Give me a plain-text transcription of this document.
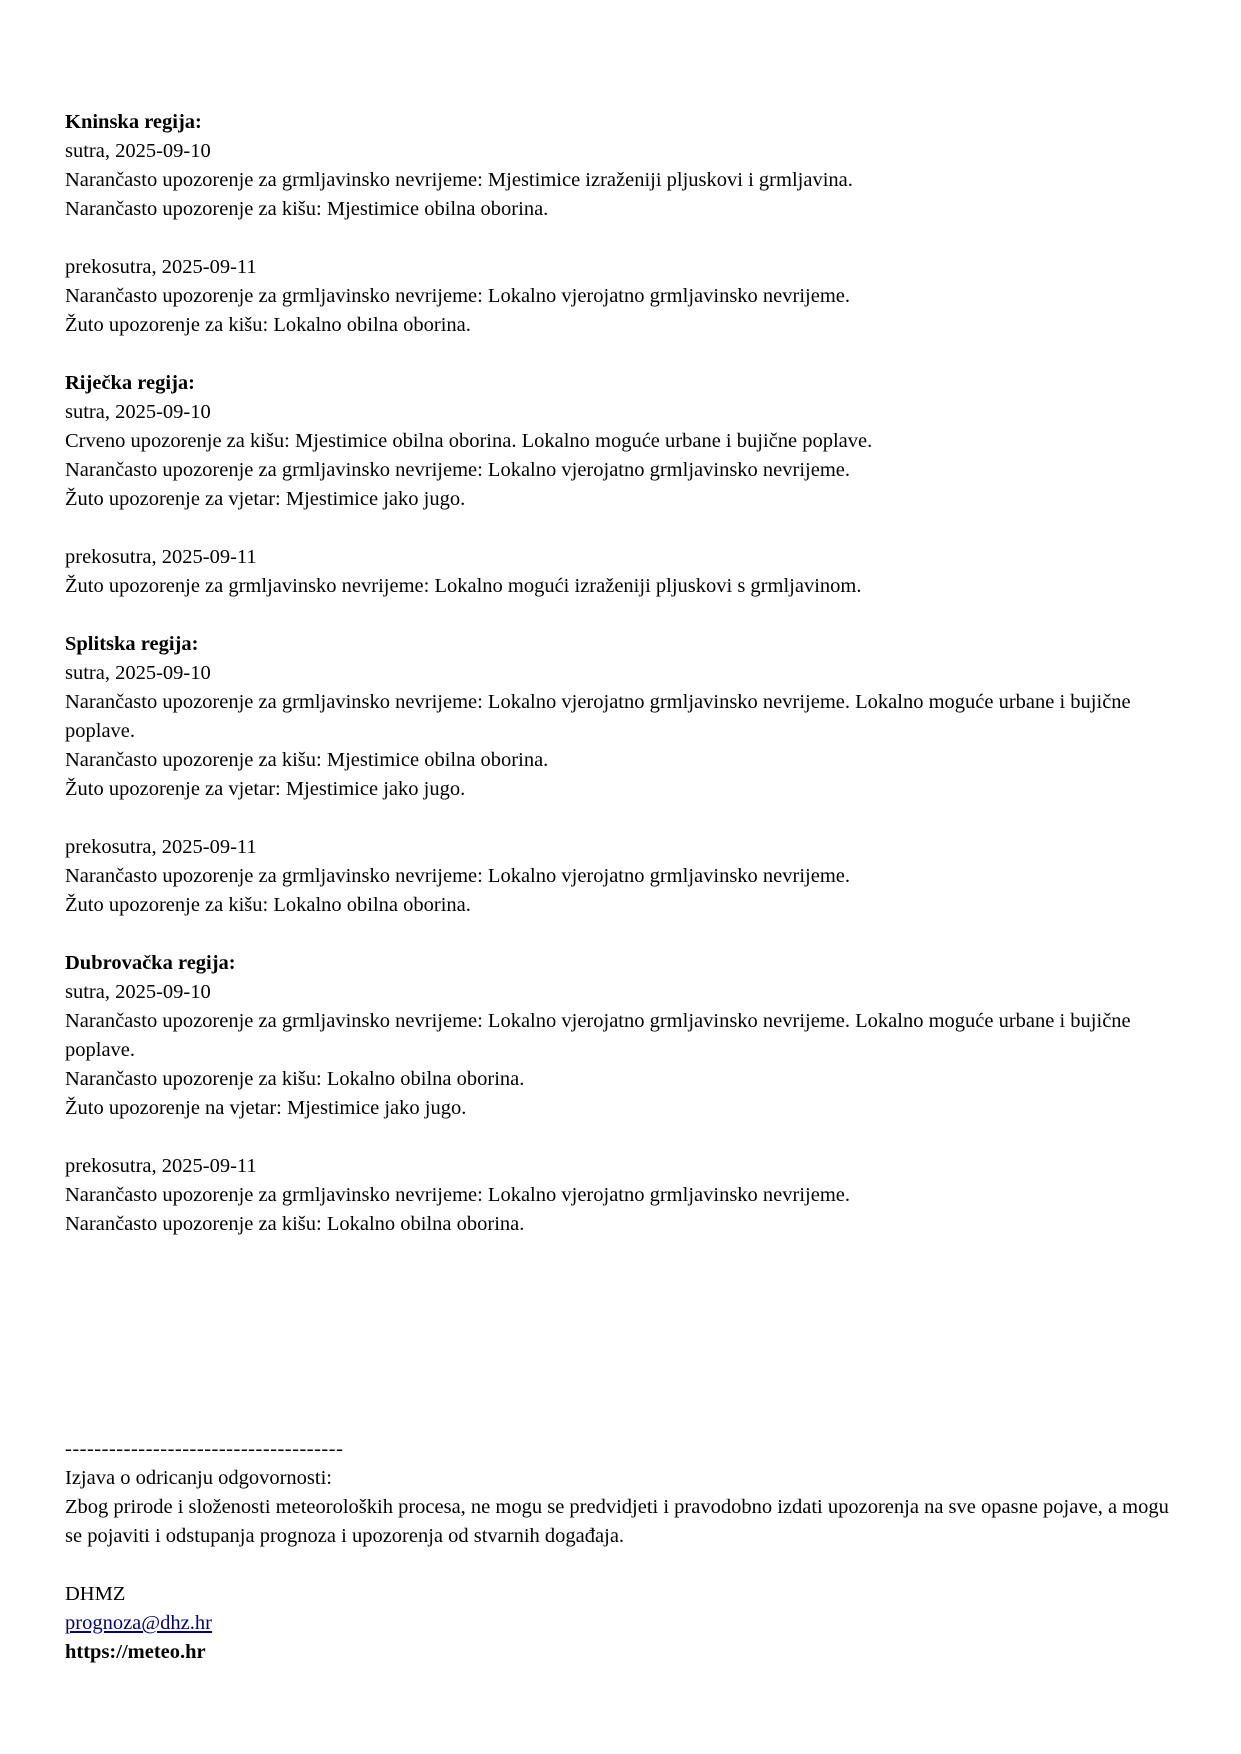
Kninska regija:
sutra, 2025-09-10
Narančasto upozorenje za grmljavinsko nevrijeme: Mjestimice izraženiji pljuskovi i grmljavina.
Narančasto upozorenje za kišu: Mjestimice obilna oborina.
prekosutra, 2025-09-11
Narančasto upozorenje za grmljavinsko nevrijeme: Lokalno vjerojatno grmljavinsko nevrijeme.
Žuto upozorenje za kišu: Lokalno obilna oborina.
Riječka regija:
sutra, 2025-09-10
Crveno upozorenje za kišu: Mjestimice obilna oborina. Lokalno moguće urbane i bujične poplave.
Narančasto upozorenje za grmljavinsko nevrijeme: Lokalno vjerojatno grmljavinsko nevrijeme.
Žuto upozorenje za vjetar: Mjestimice jako jugo.
prekosutra, 2025-09-11
Žuto upozorenje za grmljavinsko nevrijeme: Lokalno mogući izraženiji pljuskovi s grmljavinom.
Splitska regija:
sutra, 2025-09-10
Narančasto upozorenje za grmljavinsko nevrijeme: Lokalno vjerojatno grmljavinsko nevrijeme. Lokalno moguće urbane i bujične poplave.
Narančasto upozorenje za kišu: Mjestimice obilna oborina.
Žuto upozorenje za vjetar: Mjestimice jako jugo.
prekosutra, 2025-09-11
Narančasto upozorenje za grmljavinsko nevrijeme: Lokalno vjerojatno grmljavinsko nevrijeme.
Žuto upozorenje za kišu: Lokalno obilna oborina.
Dubrovačka regija:
sutra, 2025-09-10
Narančasto upozorenje za grmljavinsko nevrijeme: Lokalno vjerojatno grmljavinsko nevrijeme. Lokalno moguće urbane i bujične poplave.
Narančasto upozorenje za kišu: Lokalno obilna oborina.
Žuto upozorenje na vjetar: Mjestimice jako jugo.
prekosutra, 2025-09-11
Narančasto upozorenje za grmljavinsko nevrijeme: Lokalno vjerojatno grmljavinsko nevrijeme.
Narančasto upozorenje za kišu: Lokalno obilna oborina.
--------------------------------------
Izjava o odricanju odgovornosti:
Zbog prirode i složenosti meteoroloških procesa, ne mogu se predvidjeti i pravodobno izdati upozorenja na sve opasne pojave, a mogu se pojaviti i odstupanja prognoza i upozorenja od stvarnih događaja.
DHMZ
prognoza@dhz.hr
https://meteo.hr
